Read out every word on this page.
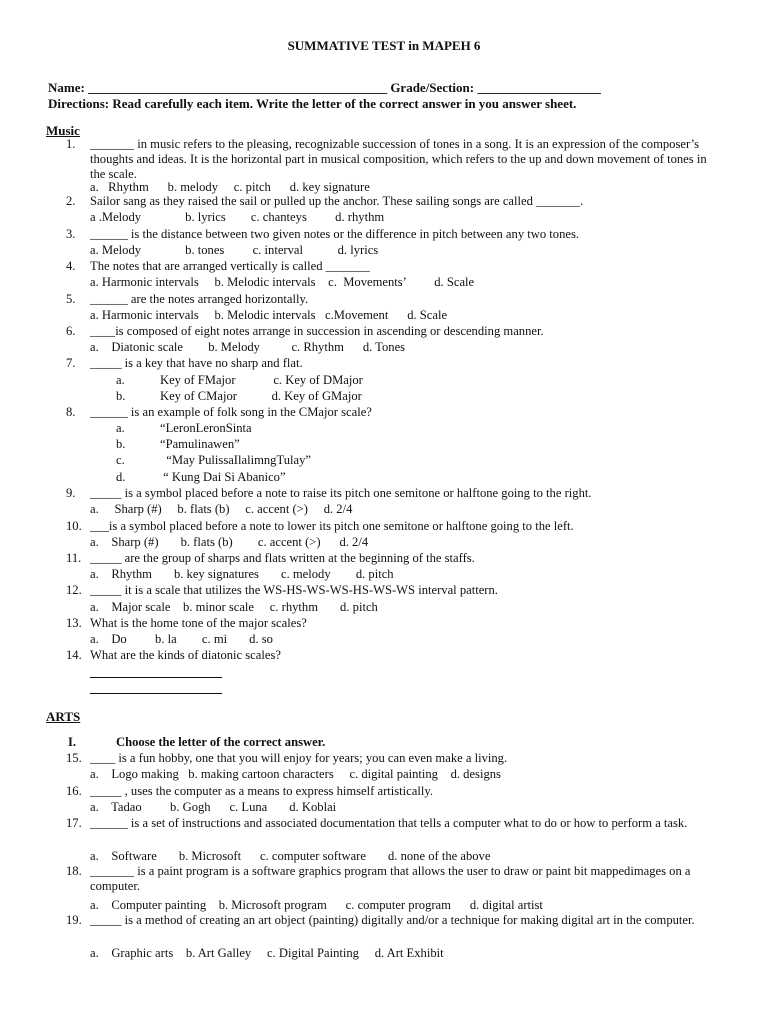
SUMMATIVE TEST in MAPEH 6
Name: ______________________________________________ Grade/Section: ___________________
Directions: Read carefully each item. Write the letter of the correct answer in you answer sheet.
Music
1.	_______ in music refers to the pleasing, recognizable succession of tones in a song. It is an expression of the composer’s thoughts and ideas. It is the horizontal part in musical composition, which refers to the up and down movement of tones in the scale.
a.   Rhythm      b. melody     c. pitch      d. key signature
2.	Sailor sang as they raised the sail or pulled up the anchor. These sailing songs are called _______.
a .Melody              b. lyrics        c. chanteys         d. rhythm
3.	______ is the distance between two given notes or the difference in pitch between any two tones.
a. Melody              b. tones         c. interval           d. lyrics
4.	The notes that are arranged vertically is called _______
a. Harmonic intervals     b. Melodic intervals    c.  Movements’         d. Scale
5.	______ are the notes arranged horizontally.
a. Harmonic intervals     b. Melodic intervals   c.Movement      d. Scale
6.	____is composed of eight notes arrange in succession in ascending or descending manner.
a.    Diatonic scale        b. Melody          c. Rhythm      d. Tones
7.	_____ is a key that have no sharp and flat.
a.	Key of FMajor            c. Key of DMajor
b.	Key of CMajor           d. Key of GMajor
8.	______ is an example of folk song in the CMajor scale?
a.	“LeronLeronSinta
b.	“Pamulinawen”
c.	“May PulissaIlalimngTulay”
d.	“ Kung Dai Si Abanico”
9.	_____ is a symbol placed before a note to raise its pitch one semitone or halftone going to the right.
a.     Sharp (#)     b. flats (b)     c. accent (>)     d. 2/4
10. ___is a symbol placed before a note to lower its pitch one semitone or halftone going to the left.
a.    Sharp (#)       b. flats (b)        c. accent (>)      d. 2/4
11. _____ are the group of sharps and flats written at the beginning of the staffs.
a.    Rhythm       b. key signatures       c. melody        d. pitch
12. _____ it is a scale that utilizes the WS-HS-WS-WS-HS-WS-WS interval pattern.
a.    Major scale    b. minor scale     c. rhythm       d. pitch
13. What is the home tone of the major scales?
a.    Do         b. la        c. mi       d. so
14. What are the kinds of diatonic scales?
ARTS
I.	Choose the letter of the correct answer.
15. ____ is a fun hobby, one that you will enjoy for years; you can even make a living.
a.    Logo making   b. making cartoon characters     c. digital painting    d. designs
16. _____ , uses the computer as a means to express himself artistically.
a.    Tadao         b. Gogh      c. Luna       d. Koblai
17. ______ is a set of instructions and associated documentation that tells a computer what to do or how to perform a task.
a.    Software       b. Microsoft      c. computer software       d. none of the above
18. _______ is a paint program is a software graphics program that allows the user to draw or paint bit mappedimages on a computer.
a.    Computer painting    b. Microsoft program      c. computer program      d. digital artist
19. _____ is a method of creating an art object (painting) digitally and/or a technique for making digital art in the computer.
a.    Graphic arts    b. Art Galley     c. Digital Painting     d. Art Exhibit
